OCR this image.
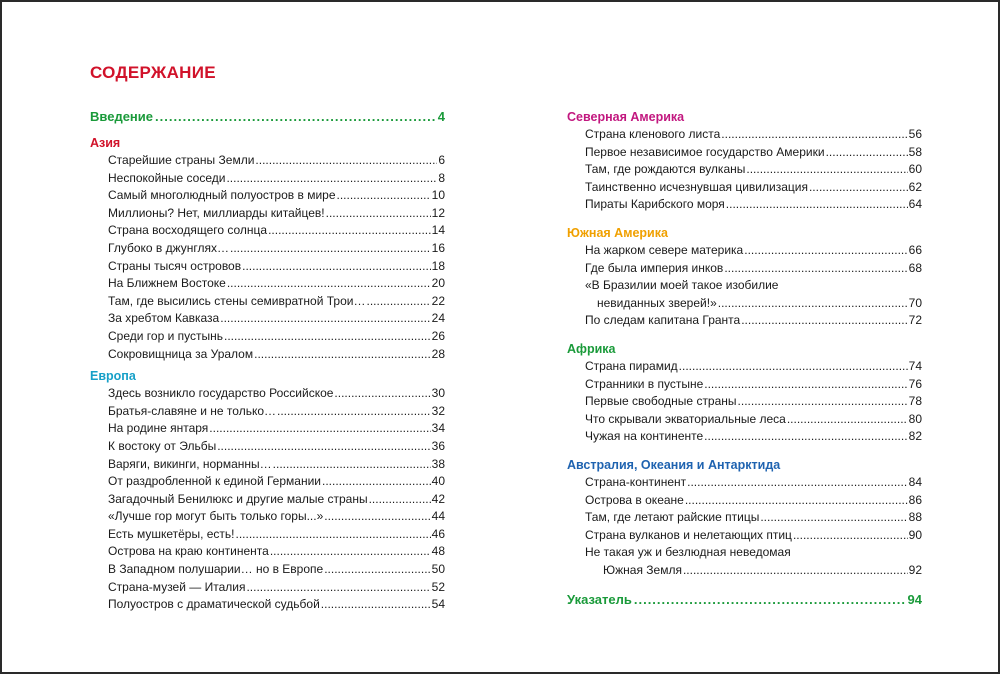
СОДЕРЖАНИЕ
Введение .....	4
Азия
Старейшие страны Земли .....	6
Неспокойные соседи .....	8
Самый многолюдный полуостров в мире .....	10
Миллионы? Нет, миллиарды китайцев! .....	12
Страна восходящего солнца .....	14
Глубоко в джунглях… .....	16
Страны тысяч островов .....	18
На Ближнем Востоке .....	20
Там, где высились стены семивратной Трои… .....	22
За хребтом Кавказа .....	24
Среди гор и пустынь .....	26
Сокровищница за Уралом .....	28
Европа
Здесь возникло государство Российское .....	30
Братья-славяне и не только… .....	32
На родине янтаря .....	34
К востоку от Эльбы .....	36
Варяги, викинги, норманны… .....	38
От раздробленной к единой Германии .....	40
Загадочный Бенилюкс и другие малые страны .....	42
«Лучше гор могут быть только горы...» .....	44
Есть мушкетёры, есть! .....	46
Острова на краю континента .....	48
В Западном полушарии… но в Европе .....	50
Страна-музей — Италия .....	52
Полуостров с драматической судьбой .....	54
Северная Америка
Страна кленового листа .....	56
Первое независимое государство Америки .....	58
Там, где рождаются вулканы .....	60
Таинственно исчезнувшая цивилизация .....	62
Пираты Карибского моря .....	64
Южная Америка
На жарком севере материка .....	66
Где была империя инков .....	68
«В Бразилии моей такое изобилие
невиданных зверей!» .....	70
По следам капитана Гранта .....	72
Африка
Страна пирамид .....	74
Странники в пустыне .....	76
Первые свободные страны .....	78
Что скрывали экваториальные леса .....	80
Чужая на континенте .....	82
Австралия, Океания и Антарктида
Страна-континент .....	84
Острова в океане .....	86
Там, где летают райские птицы .....	88
Страна вулканов и нелетающих птиц .....	90
Не такая уж и безлюдная неведомая
Южная Земля .....	92
Указатель .....	94
